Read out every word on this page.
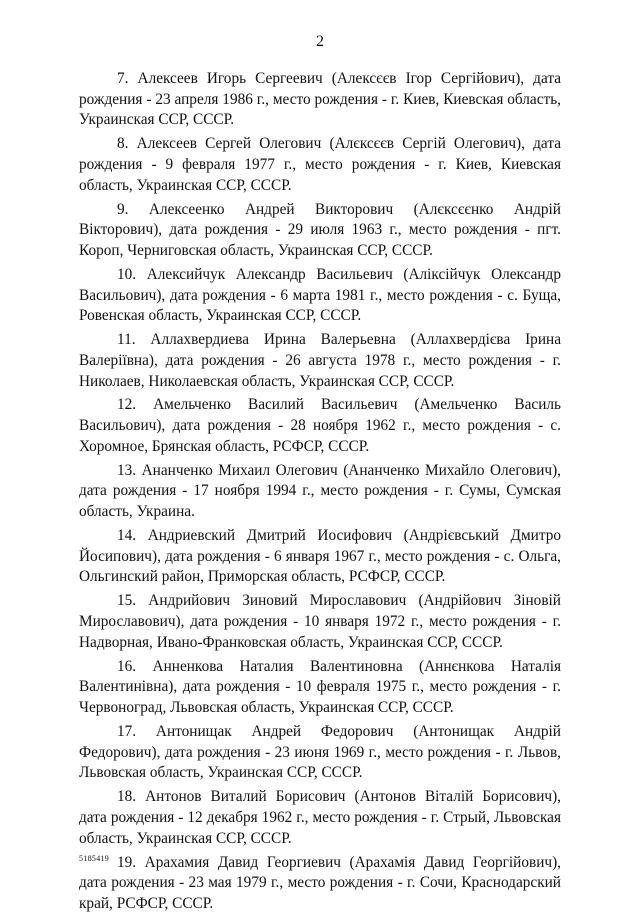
2

7. Алексеев Игорь Сергеевич (Алексєєв Ігор Сергійович), дата рождения - 23 апреля 1986 г., место рождения - г. Киев, Киевская область, Украинская ССР, СССР.

8. Алексеев Сергей Олегович (Алєксєєв Сергій Олегович), дата рождения - 9 февраля 1977 г., место рождения - г. Киев, Киевская область, Украинская ССР, СССР.

9. Алексеенко Андрей Викторович (Алєксєєнко Андрій Вікторович), дата рождения - 29 июля 1963 г., место рождения - пгт. Короп, Черниговская область, Украинская ССР, СССР.

10. Алексийчук Александр Васильевич (Аліксійчук Олександр Васильович), дата рождения - 6 марта 1981 г., место рождения - с. Буща, Ровенская область, Украинская ССР, СССР.

11. Аллахвердиева Ирина Валерьевна (Аллахвердієва Ірина Валеріївна), дата рождения - 26 августа 1978 г., место рождения - г. Николаев, Николаевская область, Украинская ССР, СССР.

12. Амельченко Василий Васильевич (Амельченко Василь Васильович), дата рождения - 28 ноября 1962 г., место рождения - с. Хоромное, Брянская область, РСФСР, СССР.

13. Ананченко Михаил Олегович (Ананченко Михайло Олегович), дата рождения - 17 ноября 1994 г., место рождения - г. Сумы, Сумская область, Украина.

14. Андриевский Дмитрий Иосифович (Андрієвський Дмитро Йосипович), дата рождения - 6 января 1967 г., место рождения - с. Ольга, Ольгинский район, Приморская область, РСФСР, СССР.

15. Андрийович Зиновий Мирославович (Андрійович Зіновій Мирославович), дата рождения - 10 января 1972 г., место рождения - г. Надворная, Ивано-Франковская область, Украинская ССР, СССР.

16. Анненкова Наталия Валентиновна (Аннєнкова Наталія Валентинівна), дата рождения - 10 февраля 1975 г., место рождения - г. Червоноград, Львовская область, Украинская ССР, СССР.

17. Антонищак Андрей Федорович (Антонищак Андрій Федорович), дата рождения - 23 июня 1969 г., место рождения - г. Львов, Львовская область, Украинская ССР, СССР.

18. Антонов Виталий Борисович (Антонов Віталій Борисович), дата рождения - 12 декабря 1962 г., место рождения - г. Стрый, Львовская область, Украинская ССР, СССР.

19. Арахамия Давид Георгиевич (Арахамія Давид Георгійович), дата рождения - 23 мая 1979 г., место рождения - г. Сочи, Краснодарский край, РСФСР, СССР.

5185419
